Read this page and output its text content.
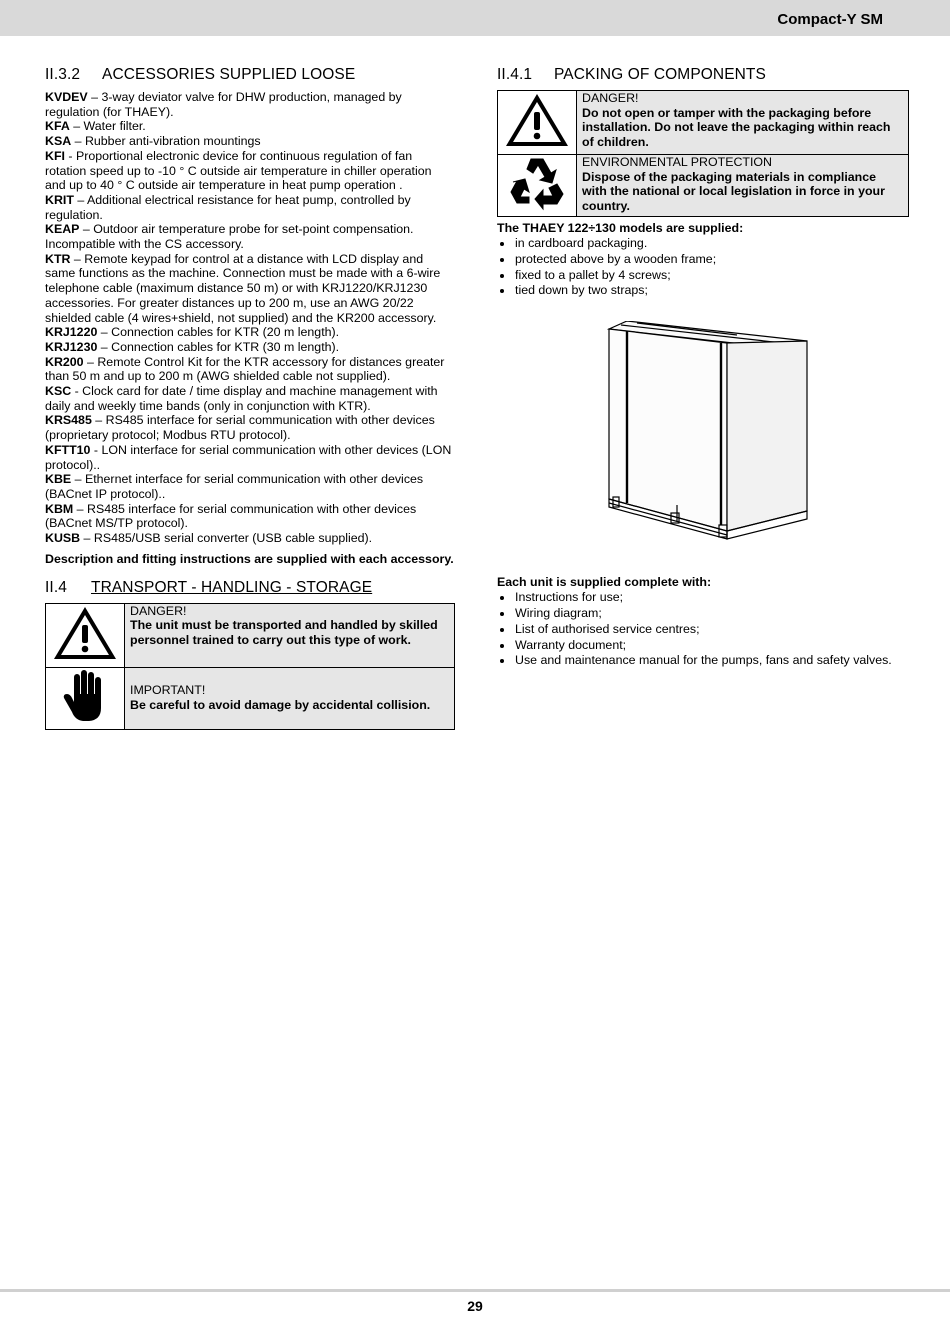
Compact-Y SM
II.3.2 ACCESSORIES SUPPLIED LOOSE

KVDEV – 3-way deviator valve for DHW production, managed by regulation (for THAEY).

KFA – Water filter.

KSA – Rubber anti-vibration mountings

KFI - Proportional electronic device for continuous regulation of fan rotation speed up to -10 ° C outside air temperature in chiller operation and up to 40 ° C outside air temperature in heat pump operation .

KRIT – Additional electrical resistance for heat pump, controlled by regulation.

KEAP – Outdoor air temperature probe for set-point compensation. Incompatible with the CS accessory.

KTR – Remote keypad for control at a distance with LCD display and same functions as the machine. Connection must be made with a 6-wire telephone cable (maximum distance 50 m) or with KRJ1220/KRJ1230 accessories. For greater distances up to 200 m, use an AWG 20/22 shielded cable (4 wires+shield, not supplied) and the KR200 accessory.

KRJ1220 – Connection cables for KTR (20 m length).

KRJ1230 – Connection cables for KTR (30 m length).

KR200 – Remote Control Kit for the KTR accessory for distances greater than 50 m and up to 200 m (AWG shielded cable not supplied).

KSC - Clock card for date / time display and machine management with daily and weekly time bands (only in conjunction with KTR).

KRS485 – RS485 interface for serial communication with other devices (proprietary protocol; Modbus RTU protocol).

KFTT10 - LON interface for serial communication with other devices (LON protocol)..

KBE – Ethernet interface for serial communication with other devices (BACnet IP protocol)..

KBM – RS485 interface for serial communication with other devices (BACnet MS/TP protocol).

KUSB – RS485/USB serial converter (USB cable supplied).

Description and fitting instructions are supplied with each accessory.
II.4 TRANSPORT - HANDLING - STORAGE

DANGER!
The unit must be transported and handled by skilled personnel trained to carry out this type of work.

IMPORTANT!
Be careful to avoid damage by accidental collision.
II.4.1 PACKING OF COMPONENTS

DANGER!
Do not open or tamper with the packaging before installation. Do not leave the packaging within reach of children.

ENVIRONMENTAL PROTECTION
Dispose of the packaging materials in compliance with the national or local legislation in force in your country.
The THAEY 122÷130 models are supplied:
in cardboard packaging.
protected above by a wooden frame;
fixed to a pallet by 4 screws;
tied down by two straps;
Each unit is supplied complete with:
Instructions for use;
Wiring diagram;
List of authorised service centres;
Warranty document;
Use and maintenance manual for the pumps, fans and safety valves.
29
